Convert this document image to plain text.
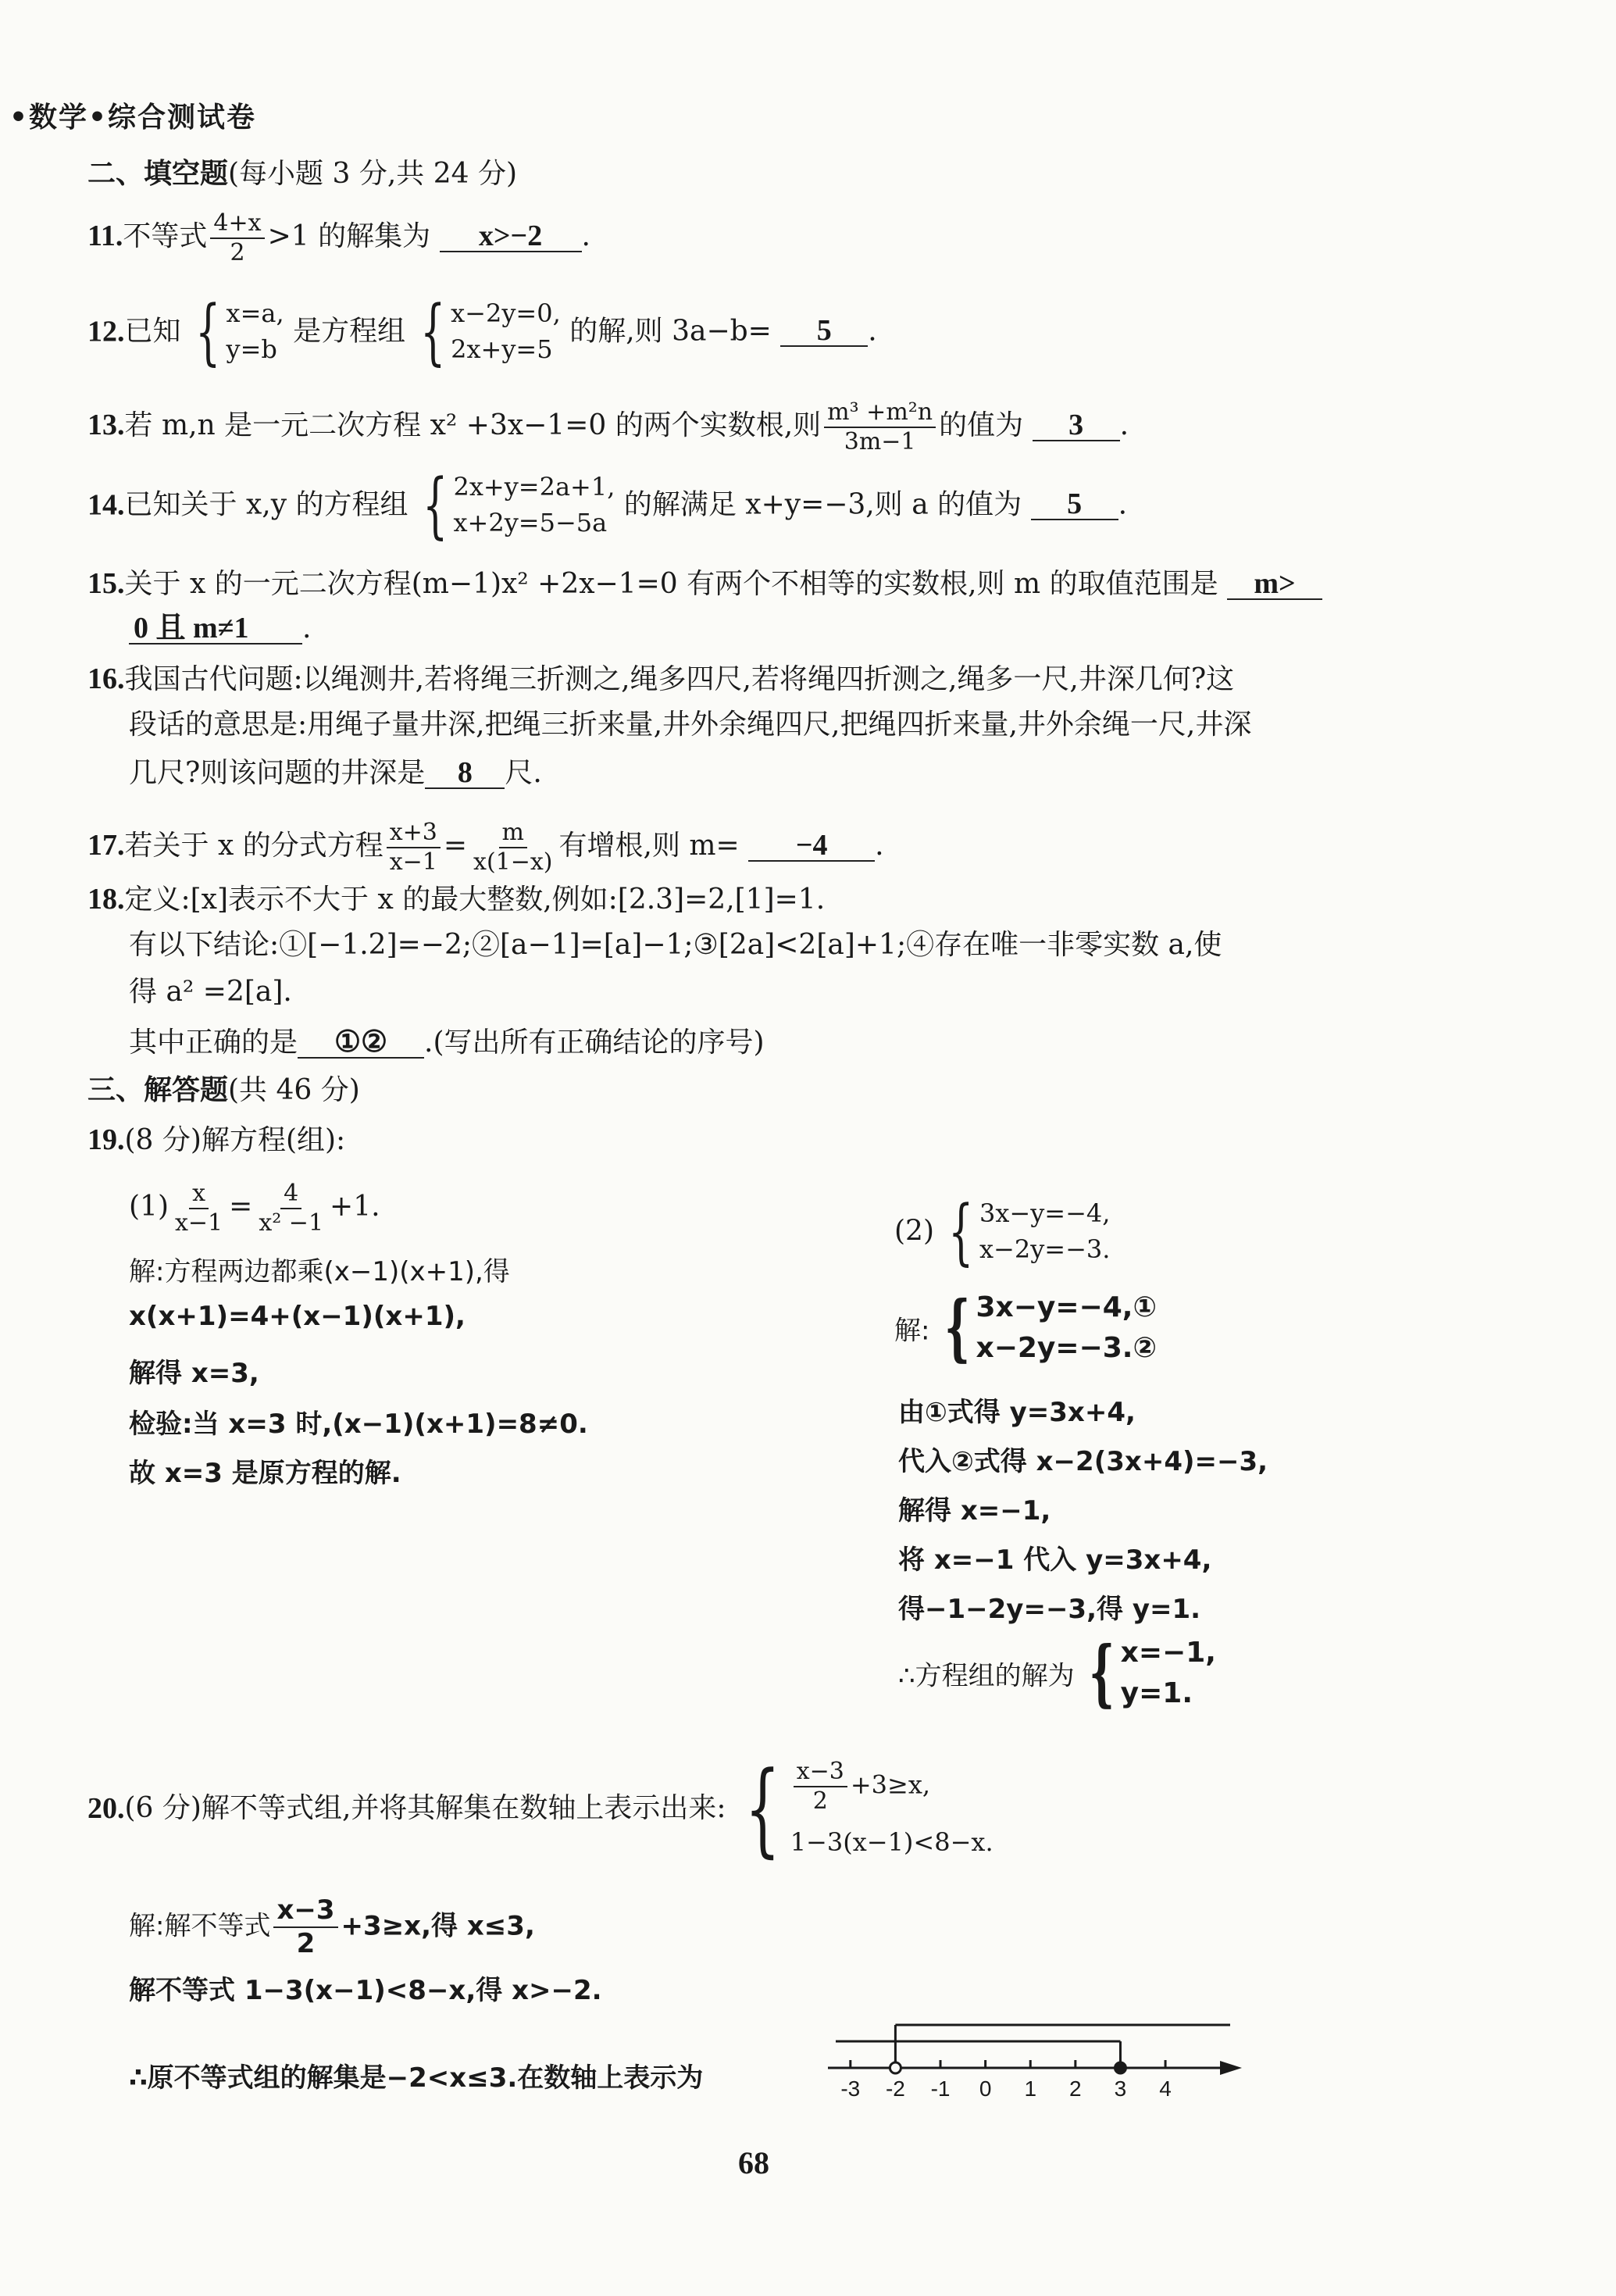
•数学•综合测试卷
二、填空题(每小题 3 分,共 24 分)
11.不等式 $\frac{4+x}{2} >1$ 的解集为 x>−2 .
12.已知 { x=a,
y=b
是方程组 { x−2y=0,
2x+y=5
的解,则 3a−b= 5 .
13.若 m,n 是一元二次方程 x² +3x−1=0 的两个实数根,则 $\frac{\text{m³ +m²n}}{3m-1}$ 的值为 3 .
14.已知关于 x,y 的方程组 { 2x+y=2a+1,
x+2y=5−5a
的解满足 x+y=−3,则 a 的值为 5 .
15.关于 x 的一元二次方程(m−1)x² +2x−1=0 有两个不相等的实数根,则 m 的取值范围是 m>
0 且 m≠1 .
16.我国古代问题:以绳测井,若将绳三折测之,绳多四尺,若将绳四折测之,绳多一尺,井深几何?这
段话的意思是:用绳子量井深,把绳三折来量,井外余绳四尺,把绳四折来量,井外余绳一尺,井深
几尺?则该问题的井深是 8 尺.
17.若关于 x 的分式方程 $\frac{x+3}{x-1} = \frac{m}{x(1-x)}$ 有增根,则 m= −4 .
18.定义:[x]表示不大于 x 的最大整数,例如:[2.3]=2,[1]=1.
有以下结论:①[−1.2]=−2;②[a−1]=[a]−1;③[2a]<2[a]+1;④存在唯一非零实数 a,使
得 a² =2[a].
其中正确的是 ①② .(写出所有正确结论的序号)
三、解答题(共 46 分)
19.(8 分)解方程(组):
$(1) \frac{x}{x-1} = \frac{4}{\text{x² −1}} +1$.
解:方程两边都乘(x−1)(x+1),得
x(x+1)=4+(x−1)(x+1),
解得 x=3,
检验:当 x=3 时,(x−1)(x+1)=8≠0.
故 x=3 是原方程的解.
(2) { 3x−y=−4,
x−2y=−3.
解: { 3x−y=−4,①
x−2y=−3.②
由①式得 y=3x+4,
代入②式得 x−2(3x+4)=−3,
解得 x=−1,
将 x=−1 代入 y=3x+4,
得−1−2y=−3,得 y=1.
∴方程组的解为 { x=−1,
y=1.
20.(6 分)解不等式组,并将其解集在数轴上表示出来: { $\frac{x-3}{2} +3\ge x$,
1−3(x−1)<8−x.
解:解不等式 $\frac{x-3}{2} +3\ge x$,得 x≤3,
解不等式 1−3(x−1)<8−x,得 x>−2.
∴原不等式组的解集是−2<x≤3.在数轴上表示为	-3 -2 -1 0 1 2 3 4
68
